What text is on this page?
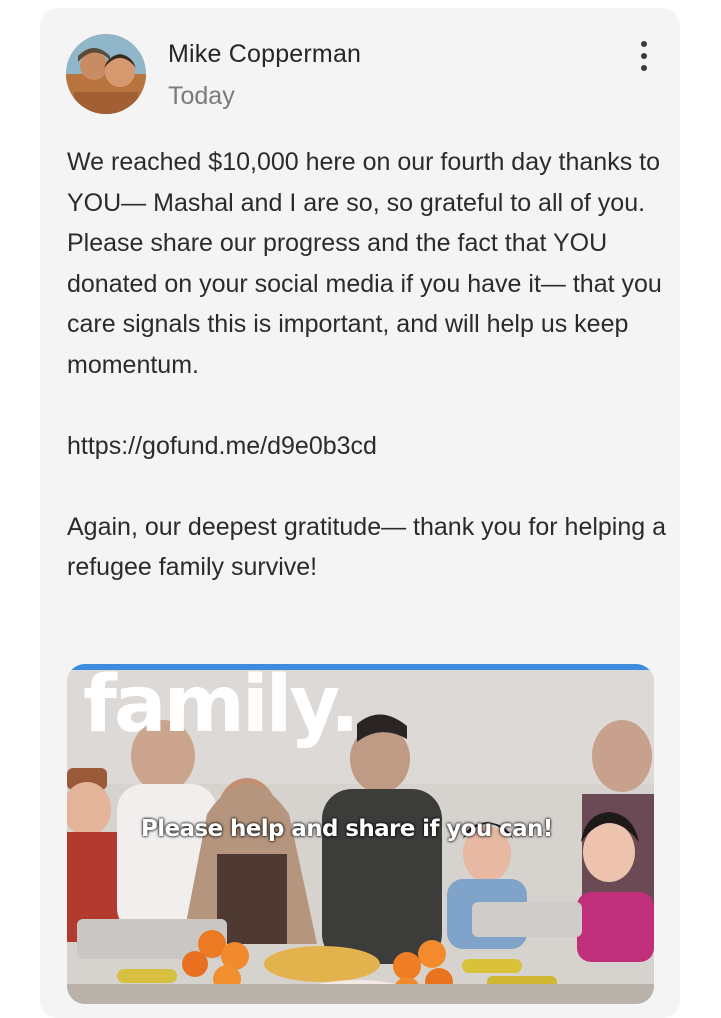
Mike Copperman
Today

We reached $10,000 here on our fourth day thanks to YOU— Mashal and I are so, so grateful to all of you. Please share our progress and the fact that YOU donated on your social media if you have it— that you care signals this is important, and will help us keep momentum.

https://gofund.me/d9e0b3cd

Again, our deepest gratitude— thank you for helping a refugee family survive!

family.
Please help and share if you can!
